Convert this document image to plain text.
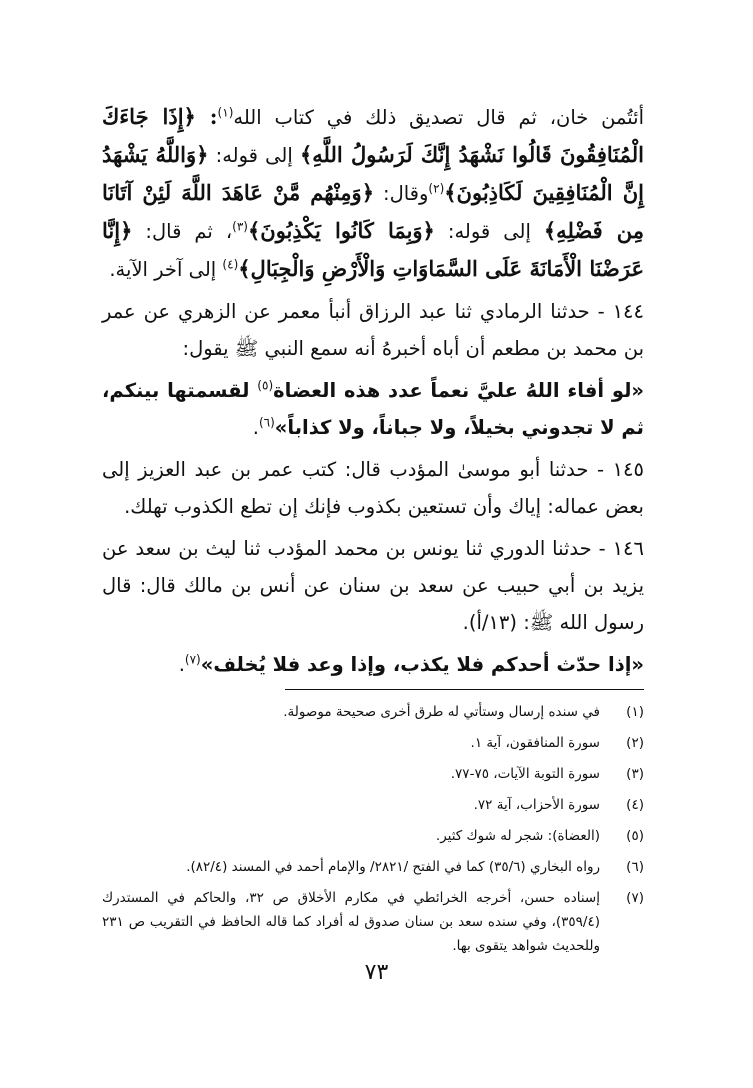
أئتُمن خان، ثم قال تصديق ذلك في كتاب الله$^{(١)}$: ﴿إِذَا جَاءَكَ الْمُنَافِقُونَ قَالُوا نَشْهَدُ إِنَّكَ لَرَسُولُ اللَّهِ﴾ إلى قوله: ﴿وَاللَّهُ يَشْهَدُ إِنَّ الْمُنَافِقِينَ لَكَاذِبُونَ﴾$^{(٢)}$وقال: ﴿وَمِنْهُم مَّنْ عَاهَدَ اللَّهَ لَئِنْ آتَانَا مِن فَضْلِهِ﴾ إلى قوله: ﴿وَبِمَا كَانُوا يَكْذِبُونَ﴾$^{(٣)}$، ثم قال: ﴿إِنَّا عَرَضْنَا الْأَمَانَةَ عَلَى السَّمَاوَاتِ وَالْأَرْضِ وَالْجِبَالِ﴾$^{(٤)}$ إلى آخر الآية.

١٤٤ - حدثنا الرمادي ثنا عبد الرزاق أنبأ معمر عن الزهري عن عمر بن محمد بن مطعم أن أباه أخبرهُ أنه سمع النبي ﷺ يقول:

«لو أفاء اللهُ عليَّ نعماً عدد هذه العضاة$^{(٥)}$ لقسمتها بينكم، ثم لا تجدوني بخيلاً، ولا جباناً، ولا كذاباً»$^{(٦)}$.

١٤٥ - حدثنا أبو موسىٰ المؤدب قال: كتب عمر بن عبد العزيز إلى بعض عماله: إياك وأن تستعين بكذوب فإنك إن تطع الكذوب تهلك.

١٤٦ - حدثنا الدوري ثنا يونس بن محمد المؤدب ثنا ليث بن سعد عن يزيد بن أبي حبيب عن سعد بن سنان عن أنس بن مالك قال: قال رسول الله ﷺ: (١٣/أ).

«إذا حدّث أحدكم فلا يكذب، وإذا وعد فلا يُخلف»$^{(٧)}$.

(١)
في سنده إرسال وستأتي له طرق أخرى صحيحة موصولة.
(٢)
سورة المنافقون، آية ١.
(٣)
سورة التوبة الآيات، ٧٥-٧٧.
(٤)
سورة الأحزاب، آية ٧٢.
(٥)
(العضاة): شجر له شوك كثير.
(٦)
رواه البخاري (٣٥/٦) كما في الفتح /٢٨٢١/ والإمام أحمد في المسند (٨٢/٤).
(٧)
إسناده حسن، أخرجه الخرائطي في مكارم الأخلاق ص ٣٢، والحاكم في المستدرك (٣٥٩/٤)، وفي سنده سعد بن سنان صدوق له أفراد كما قاله الحافظ في التقريب ص ٢٣١ وللحديث شواهد يتقوى بها.
٧٣
